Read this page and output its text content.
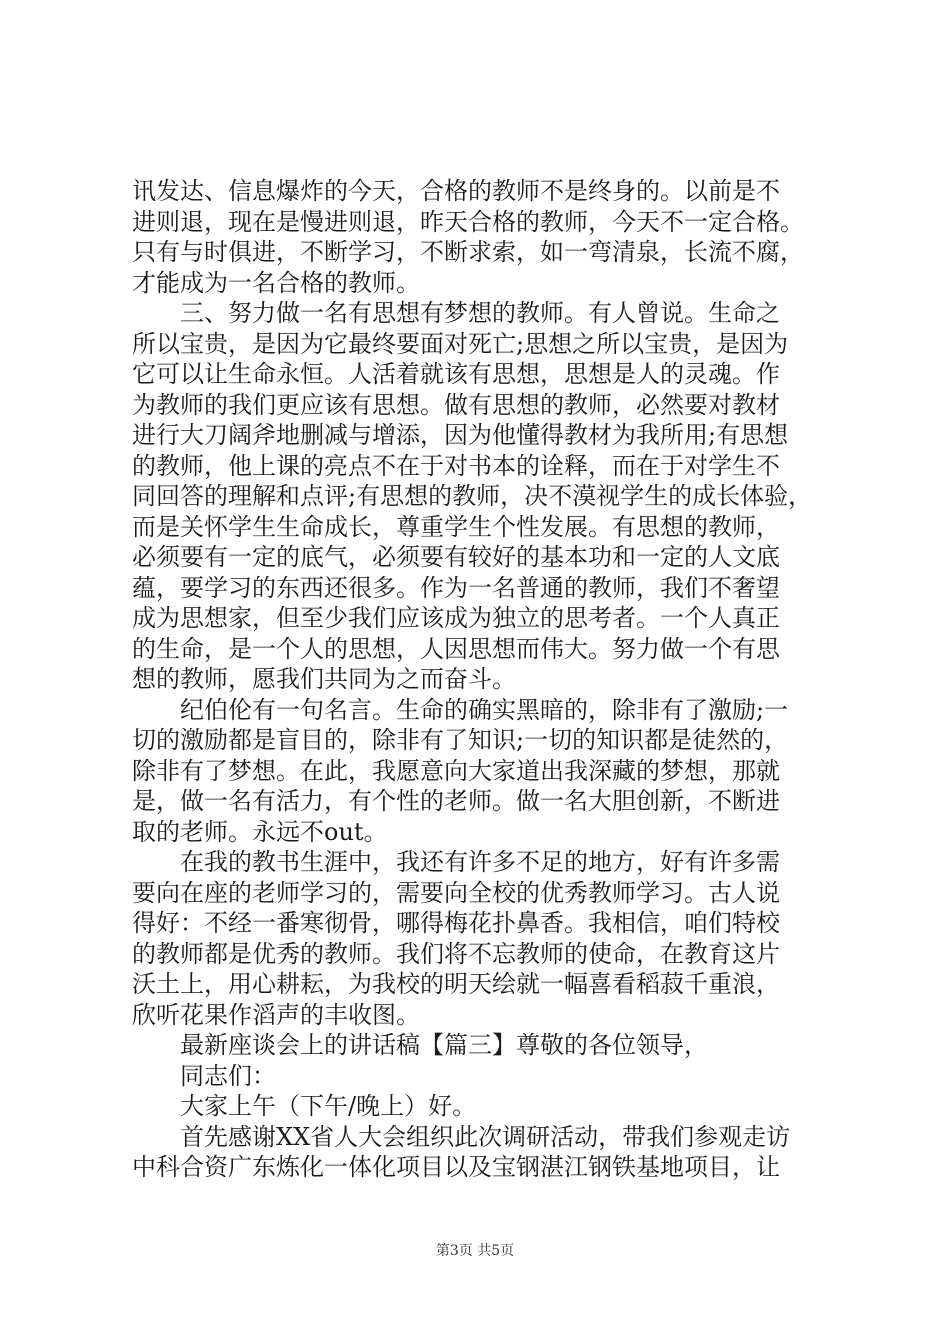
讯发达、信息爆炸的今天，合格的教师不是终身的。以前是不
进则退，现在是慢进则退，昨天合格的教师，今天不一定合格。
只有与时俱进，不断学习，不断求索，如一弯清泉，长流不腐，
才能成为一名合格的教师。
三、努力做一名有思想有梦想的教师。有人曾说。生命之
所以宝贵，是因为它最终要面对死亡;思想之所以宝贵，是因为
它可以让生命永恒。人活着就该有思想，思想是人的灵魂。作
为教师的我们更应该有思想。做有思想的教师，必然要对教材
进行大刀阔斧地删减与增添，因为他懂得教材为我所用;有思想
的教师，他上课的亮点不在于对书本的诠释，而在于对学生不
同回答的理解和点评;有思想的教师，决不漠视学生的成长体验，
而是关怀学生生命成长，尊重学生个性发展。有思想的教师，
必须要有一定的底气，必须要有较好的基本功和一定的人文底
蕴，要学习的东西还很多。作为一名普通的教师，我们不奢望
成为思想家，但至少我们应该成为独立的思考者。一个人真正
的生命，是一个人的思想，人因思想而伟大。努力做一个有思
想的教师，愿我们共同为之而奋斗。
纪伯伦有一句名言。生命的确实黑暗的，除非有了激励;一
切的激励都是盲目的，除非有了知识;一切的知识都是徒然的，
除非有了梦想。在此，我愿意向大家道出我深藏的梦想，那就
是，做一名有活力，有个性的老师。做一名大胆创新，不断进
取的老师。永远不out。
在我的教书生涯中，我还有许多不足的地方，好有许多需
要向在座的老师学习的，需要向全校的优秀教师学习。古人说
得好：不经一番寒彻骨，哪得梅花扑鼻香。我相信，咱们特校
的教师都是优秀的教师。我们将不忘教师的使命，在教育这片
沃土上，用心耕耘，为我校的明天绘就一幅喜看稻菽千重浪，
欣听花果作滔声的丰收图。
最新座谈会上的讲话稿【篇三】尊敬的各位领导，
同志们：
大家上午（下午/晚上）好。
首先感谢XX省人大会组织此次调研活动，带我们参观走访
中科合资广东炼化一体化项目以及宝钢湛江钢铁基地项目，让
第3页 共5页
